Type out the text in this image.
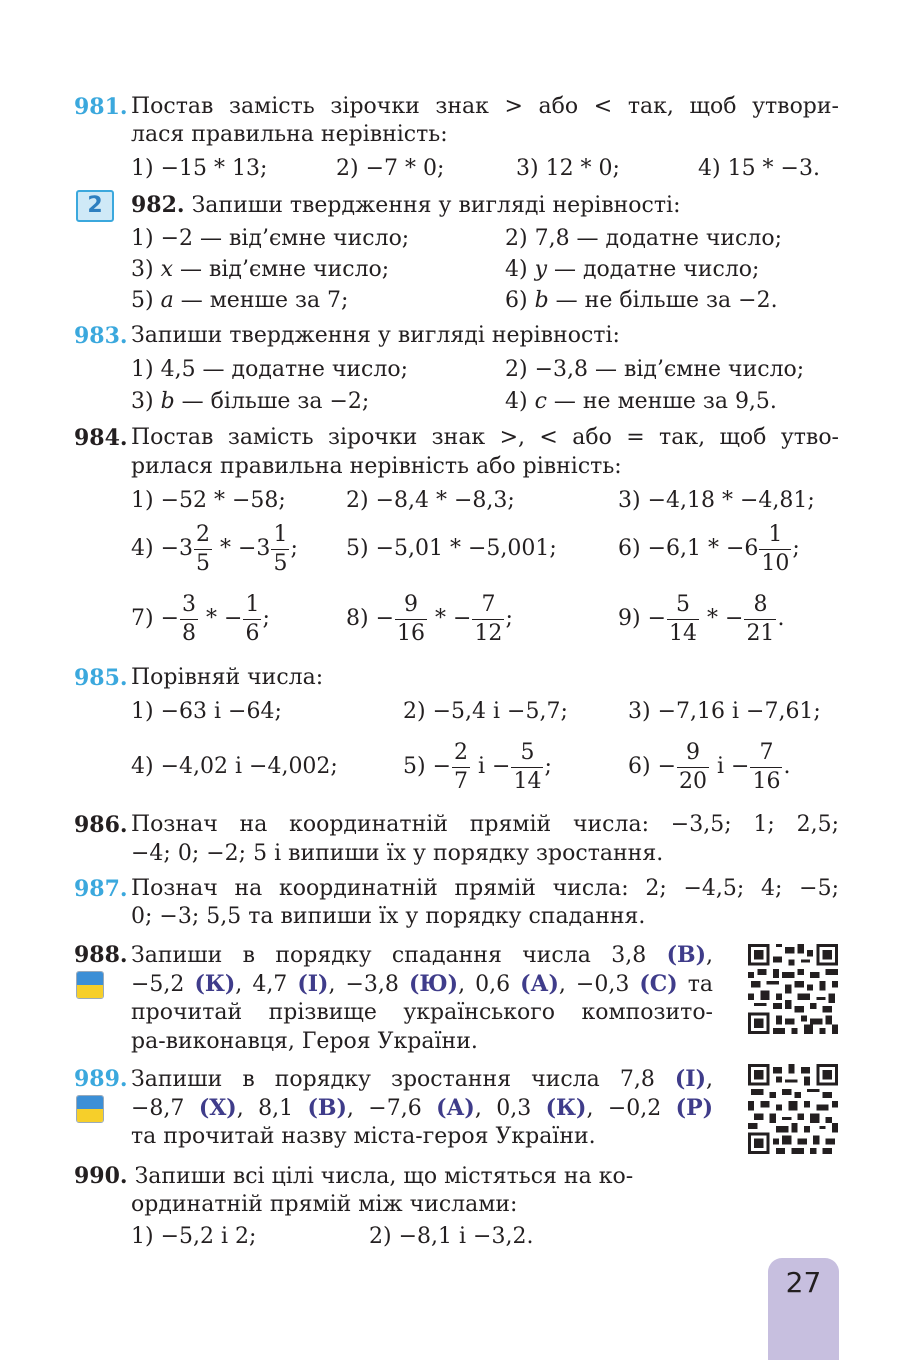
981. Постав замість зірочки знак > або < так, щоб утвори-
лася правильна нерівність:
1) −15 * 13;	2) −7 * 0;	3) 12 * 0;	4) 15 * −3.
2	982. Запиши твердження у вигляді нерівності:
1) −2 — від’ємне число;	2) 7,8 — додатне число;
3) x — від’ємне число;	4) y — додатне число;
5) a — менше за 7;	6) b — не більше за −2.
983. Запиши твердження у вигляді нерівності:
1) 4,5 — додатне число;	2) −3,8 — від’ємне число;
3) b — більше за −2;	4) c — не менше за 9,5.
984. Постав замість зірочки знак >, < або = так, щоб утво-
рилася правильна нерівність або рівність:
1) −52 * −58;	2) −8,4 * −8,3;	3) −4,18 * −4,81;
$4) -3 \frac{2}{5} * -3 \frac{1}{5}$ ; 5) −5,01 * −5,001;	$6) -6,1 * -6 \frac{1}{10}$ ;
$7) - \frac{3}{8}$ * − $\frac{1}{6}$ ;	$8) - \frac{9}{16}$ * − $\frac{7}{12}$ ;	$9) - \frac{5}{14}$ * − $\frac{8}{21}$ .
985. Порівняй числа:
1) −63 і −64;	2) −5,4 і −5,7;	3) −7,16 і −7,61;
4) −4,02 і −4,002;	$5) - \frac{2}{7}$ $і - \frac{5}{14}$ ;	$6) - \frac{9}{20}$ $і - \frac{7}{16}$ .
986. Познач на координатній прямій числа: −3,5; 1; 2,5;
−4; 0; −2; 5 і випиши їх у порядку зростання.
987. Познач на координатній прямій числа: 2; −4,5; 4; −5;
0; −3; 5,5 та випиши їх у порядку спадання.
988. Запиши в порядку спадання числа 3,8 (В),
−5,2 (К), 4,7 (І), −3,8 (Ю), 0,6 (А), −0,3 (С) та
прочитай прізвище українського композито-
ра-виконавця, Героя України.
989. Запиши в порядку зростання числа 7,8 (І),
−8,7 (Х), 8,1 (В), −7,6 (А), 0,3 (К), −0,2 (Р)
та прочитай назву міста-героя України.
990. Запиши всі цілі числа, що містяться на ко-
ординатній прямій між числами:
1) −5,2 і 2;	2) −8,1 і −3,2.
27
